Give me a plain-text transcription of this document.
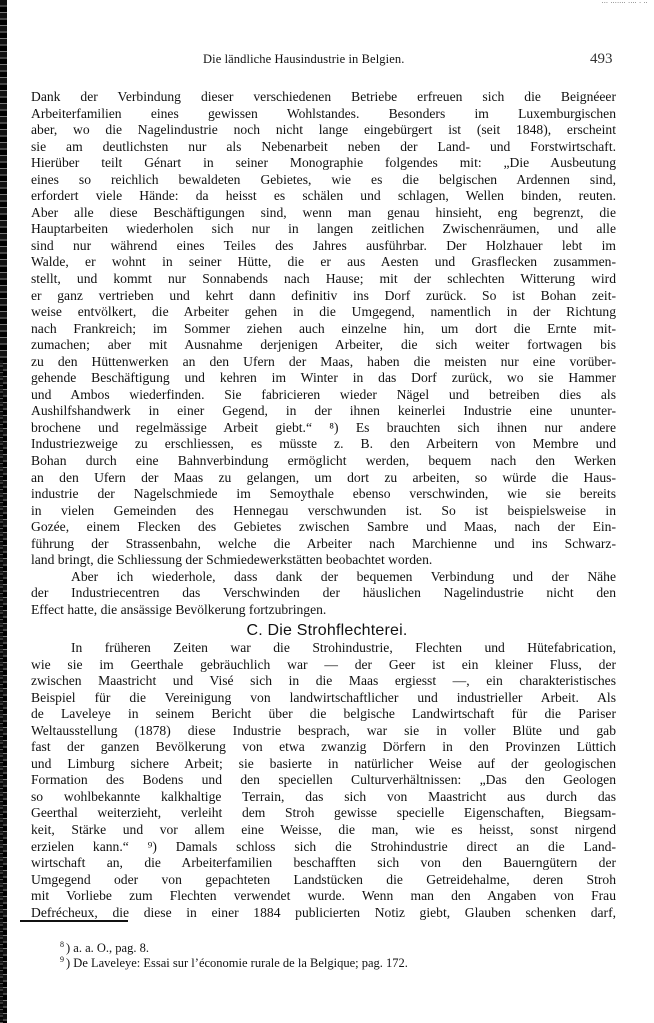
··· ······· ···· · ··
Die ländliche Hausindustrie in Belgien.	493
Dank der Verbindung dieser verschiedenen Betriebe erfreuen sich die Beignéeer
Arbeiterfamilien eines gewissen Wohlstandes. Besonders im Luxemburgischen
aber, wo die Nagelindustrie noch nicht lange eingebürgert ist (seit 1848), erscheint
sie am deutlichsten nur als Nebenarbeit neben der Land- und Forstwirtschaft.
Hierüber teilt Génart in seiner Monographie folgendes mit: „Die Ausbeutung
eines so reichlich bewaldeten Gebietes, wie es die belgischen Ardennen sind,
erfordert viele Hände: da heisst es schälen und schlagen, Wellen binden, reuten.
Aber alle diese Beschäftigungen sind, wenn man genau hinsieht, eng begrenzt, die
Hauptarbeiten wiederholen sich nur in langen zeitlichen Zwischenräumen, und alle
sind nur während eines Teiles des Jahres ausführbar. Der Holzhauer lebt im
Walde, er wohnt in seiner Hütte, die er aus Aesten und Grasflecken zusammen-
stellt, und kommt nur Sonnabends nach Hause; mit der schlechten Witterung wird
er ganz vertrieben und kehrt dann definitiv ins Dorf zurück. So ist Bohan zeit-
weise entvölkert, die Arbeiter gehen in die Umgegend, namentlich in der Richtung
nach Frankreich; im Sommer ziehen auch einzelne hin, um dort die Ernte mit-
zumachen; aber mit Ausnahme derjenigen Arbeiter, die sich weiter fortwagen bis
zu den Hüttenwerken an den Ufern der Maas, haben die meisten nur eine vorüber-
gehende Beschäftigung und kehren im Winter in das Dorf zurück, wo sie Hammer
und Ambos wiederfinden. Sie fabricieren wieder Nägel und betreiben dies als
Aushilfshandwerk in einer Gegend, in der ihnen keinerlei Industrie eine ununter-
brochene und regelmässige Arbeit giebt.“ ⁸) Es brauchten sich ihnen nur andere
Industriezweige zu erschliessen, es müsste z. B. den Arbeitern von Membre und
Bohan durch eine Bahnverbindung ermöglicht werden, bequem nach den Werken
an den Ufern der Maas zu gelangen, um dort zu arbeiten, so würde die Haus-
industrie der Nagelschmiede im Semoythale ebenso verschwinden, wie sie bereits
in vielen Gemeinden des Hennegau verschwunden ist. So ist beispielsweise in
Gozée, einem Flecken des Gebietes zwischen Sambre und Maas, nach der Ein-
führung der Strassenbahn, welche die Arbeiter nach Marchienne und ins Schwarz-
land bringt, die Schliessung der Schmiedewerkstätten beobachtet worden.
Aber ich wiederhole, dass dank der bequemen Verbindung und der Nähe
der Industriecentren das Verschwinden der häuslichen Nagelindustrie nicht den
Effect hatte, die ansässige Bevölkerung fortzubringen.
C. Die Strohflechterei.
In früheren Zeiten war die Strohindustrie, Flechten und Hütefabrication,
wie sie im Geerthale gebräuchlich war — der Geer ist ein kleiner Fluss, der
zwischen Maastricht und Visé sich in die Maas ergiesst —, ein charakteristisches
Beispiel für die Vereinigung von landwirtschaftlicher und industrieller Arbeit. Als
de Laveleye in seinem Bericht über die belgische Landwirtschaft für die Pariser
Weltausstellung (1878) diese Industrie besprach, war sie in voller Blüte und gab
fast der ganzen Bevölkerung von etwa zwanzig Dörfern in den Provinzen Lüttich
und Limburg sichere Arbeit; sie basierte in natürlicher Weise auf der geologischen
Formation des Bodens und den speciellen Culturverhältnissen: „Das den Geologen
so wohlbekannte kalkhaltige Terrain, das sich von Maastricht aus durch das
Geerthal weiterzieht, verleiht dem Stroh gewisse specielle Eigenschaften, Biegsam-
keit, Stärke und vor allem eine Weisse, die man, wie es heisst, sonst nirgend
erzielen kann.“ ⁹) Damals schloss sich die Strohindustrie direct an die Land-
wirtschaft an, die Arbeiterfamilien beschafften sich von den Bauerngütern der
Umgegend oder von gepachteten Landstücken die Getreidehalme, deren Stroh
mit Vorliebe zum Flechten verwendet wurde. Wenn man den Angaben von Frau
Defrécheux, die diese in einer 1884 publicierten Notiz giebt, Glauben schenken darf,
$^8$ ) a. a. O., pag. 8.
$^9$ ) De Laveleye: Essai sur l’économie rurale de la Belgique; pag. 172.
